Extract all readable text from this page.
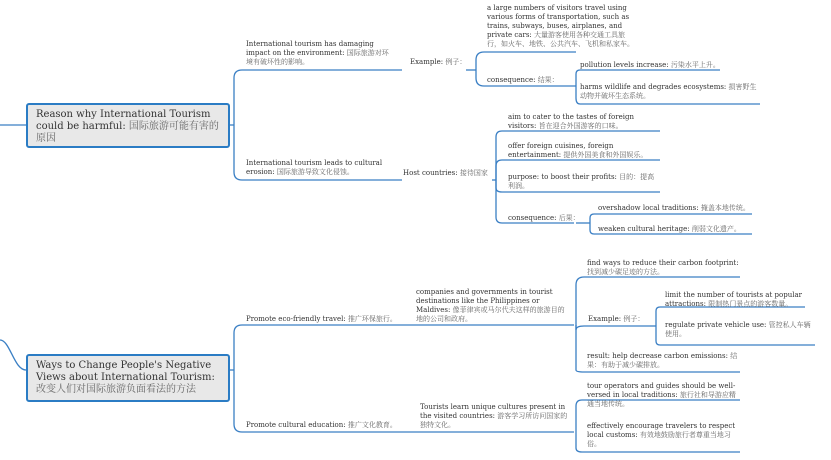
Reason why International Tourism could be harmful: 国际旅游可能有害的原因
Ways to Change People's Negative Views about International Tourism: 改变人们对国际旅游负面看法的方法
International tourism has damaging impact on the environment: 国际旅游对环境有破坏性的影响。	Example: 例子：
a large numbers of visitors travel using various forms of transportation, such as trains, subways, buses, airplanes, and private cars: 大量游客使用各种交通工具旅行，如火车、地铁、公共汽车、飞机和私家车。
consequence: 结果：
pollution levels increase: 污染水平上升。
harms wildlife and degrades ecosystems: 损害野生动物并破坏生态系统。
International tourism leads to cultural erosion: 国际旅游导致文化侵蚀。	Host countries: 接待国家
aim to cater to the tastes of foreign visitors: 旨在迎合外国游客的口味。
offer foreign cuisines, foreign entertainment: 提供外国美食和外国娱乐。
purpose: to boost their profits: 目的：提高利润。
consequence: 后果：
overshadow local traditions: 掩盖本地传统。
weaken cultural heritage: 削弱文化遗产。
Promote eco-friendly travel: 推广环保旅行。
companies and governments in tourist destinations like the Philippines or Maldives: 像菲律宾或马尔代夫这样的旅游目的地的公司和政府。
find ways to reduce their carbon footprint: 找到减少碳足迹的方法。
Example: 例子：
limit the number of tourists at popular attractions: 限制热门景点的游客数量。
regulate private vehicle use: 管控私人车辆使用。
result: help decrease carbon emissions: 结果：有助于减少碳排放。
Promote cultural education: 推广文化教育。
Tourists learn unique cultures present in the visited countries: 游客学习所访问国家的独特文化。
tour operators and guides should be well-versed in local traditions: 旅行社和导游应精通当地传统。
effectively encourage travelers to respect local customs: 有效地鼓励旅行者尊重当地习俗。
